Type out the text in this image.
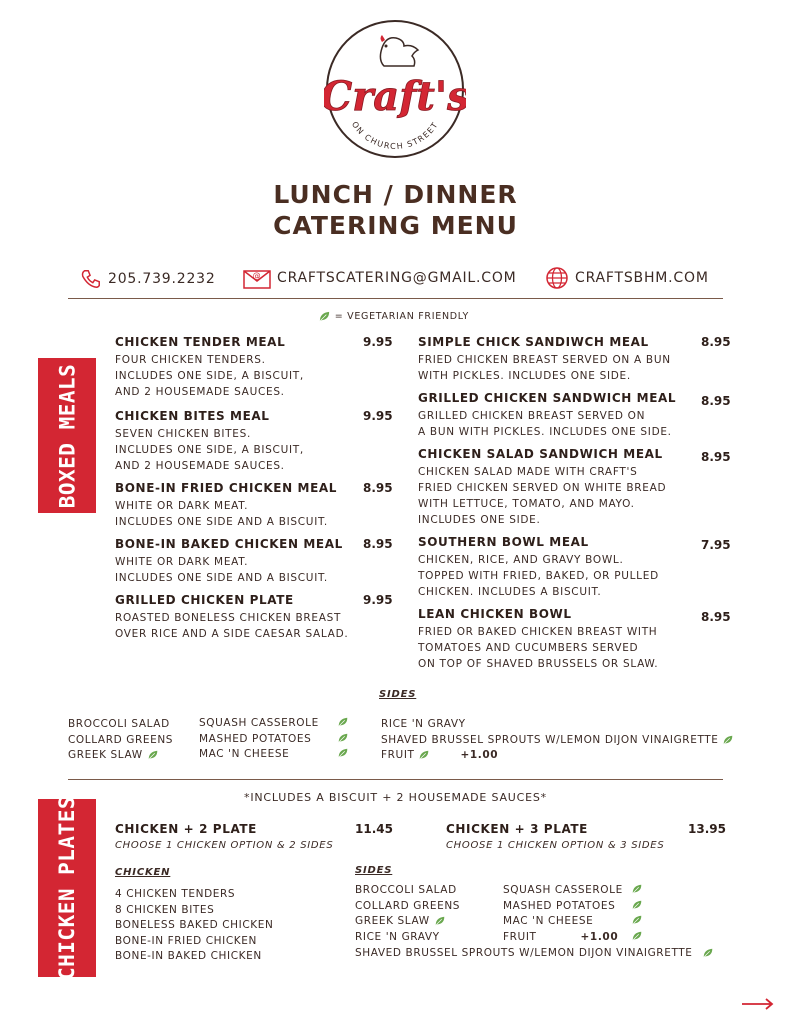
Craft's
ON CHURCH STREET
LUNCH / DINNER
CATERING MENU
205.739.2232	@ CRAFTSCATERING@GMAIL.COM	CRAFTSBHM.COM
= VEGETARIAN FRIENDLY
BOXED MEALS
CHICKEN TENDER MEAL	9.95
FOUR CHICKEN TENDERS.
INCLUDES ONE SIDE, A BISCUIT,
AND 2 HOUSEMADE SAUCES.
CHICKEN BITES MEAL	9.95
SEVEN CHICKEN BITES.
INCLUDES ONE SIDE, A BISCUIT,
AND 2 HOUSEMADE SAUCES.
BONE-IN FRIED CHICKEN MEAL	8.95
WHITE OR DARK MEAT.
INCLUDES ONE SIDE AND A BISCUIT.
BONE-IN BAKED CHICKEN MEAL	8.95
WHITE OR DARK MEAT.
INCLUDES ONE SIDE AND A BISCUIT.
GRILLED CHICKEN PLATE	9.95
ROASTED BONELESS CHICKEN BREAST
OVER RICE AND A SIDE CAESAR SALAD.
SIMPLE CHICK SANDIWCH MEAL	8.95
FRIED CHICKEN BREAST SERVED ON A BUN
WITH PICKLES. INCLUDES ONE SIDE.
GRILLED CHICKEN SANDWICH MEAL	8.95
GRILLED CHICKEN BREAST SERVED ON
A BUN WITH PICKLES. INCLUDES ONE SIDE.
CHICKEN SALAD SANDWICH MEAL	8.95
CHICKEN SALAD MADE WITH CRAFT'S
FRIED CHICKEN SERVED ON WHITE BREAD
WITH LETTUCE, TOMATO, AND MAYO.
INCLUDES ONE SIDE.
SOUTHERN BOWL MEAL	7.95
CHICKEN, RICE, AND GRAVY BOWL.
TOPPED WITH FRIED, BAKED, OR PULLED
CHICKEN. INCLUDES A BISCUIT.
LEAN CHICKEN BOWL	8.95
FRIED OR BAKED CHICKEN BREAST WITH
TOMATOES AND CUCUMBERS SERVED
ON TOP OF SHAVED BRUSSELS OR SLAW.
SIDES
BROCCOLI SALAD
COLLARD GREENS
GREEK SLAW
SQUASH CASSEROLE
MASHED POTATOES
MAC 'N CHEESE
RICE 'N GRAVY
SHAVED BRUSSEL SPROUTS W/LEMON DIJON VINAIGRETTE
FRUIT	+1.00
*INCLUDES A BISCUIT + 2 HOUSEMADE SAUCES*
CHICKEN PLATES	CHICKEN + 2 PLATE	11.45
CHOOSE 1 CHICKEN OPTION & 2 SIDES
CHICKEN + 3 PLATE	13.95
CHOOSE 1 CHICKEN OPTION & 3 SIDES
CHICKEN
4 CHICKEN TENDERS
8 CHICKEN BITES
BONELESS BAKED CHICKEN
BONE-IN FRIED CHICKEN
BONE-IN BAKED CHICKEN
SIDES
BROCCOLI SALAD
COLLARD GREENS
GREEK SLAW
RICE 'N GRAVY
SQUASH CASSEROLE
MASHED POTATOES
MAC 'N CHEESE
FRUIT	+1.00
SHAVED BRUSSEL SPROUTS W/LEMON DIJON VINAIGRETTE
